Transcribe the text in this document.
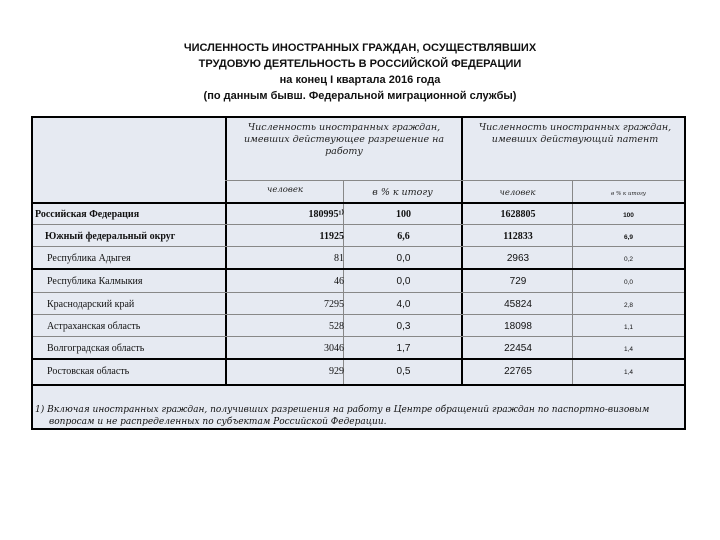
ЧИСЛЕННОСТЬ ИНОСТРАННЫХ ГРАЖДАН, ОСУЩЕСТВЛЯВШИХ
ТРУДОВУЮ ДЕЯТЕЛЬНОСТЬ В РОССИЙСКОЙ ФЕДЕРАЦИИ
на конец I квартала 2016 года
(по данным бывш. Федеральной миграционной службы)
Численность иностранных граждан, имевших действующее разрешение на работу
Численность иностранных граждан, имевших действующий патент
человек	в % к итогу	человек	в % к итогу
Российская Федерация	180995¹⁾	100	1628805	100
Южный федеральный округ	11925	6,6	112833	6,9
Республика Адыгея	81	0,0	2963	0,2
Республика Калмыкия	46	0,0	729	0,0
Краснодарский край	7295	4,0	45824	2,8
Астраханская область	528	0,3	18098	1,1
Волгоградская область	3046	1,7	22454	1,4
Ростовская область	929	0,5	22765	1,4
1) Включая иностранных граждан, получивших разрешения на работу в Центре обращений граждан по паспортно-визовым
вопросам и не распределенных по субъектам Российской Федерации.
